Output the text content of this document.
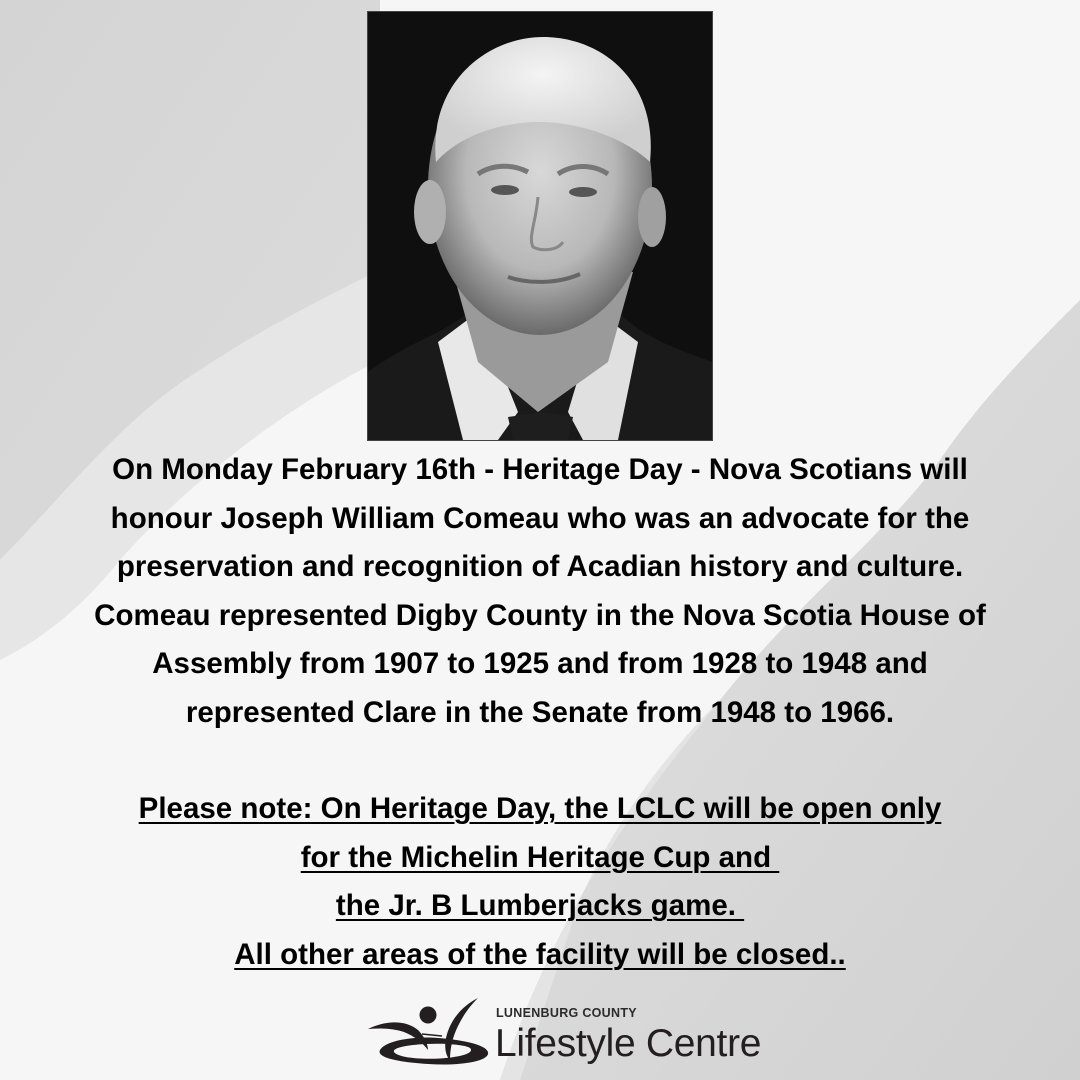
On Monday February 16th - Heritage Day - Nova Scotians will
honour Joseph William Comeau who was an advocate for the
preservation and recognition of Acadian history and culture.
Comeau represented Digby County in the Nova Scotia House of
Assembly from 1907 to 1925 and from 1928 to 1948 and
represented Clare in the Senate from 1948 to 1966.

Please note: On Heritage Day, the LCLC will be open only
for the Michelin Heritage Cup and
the Jr. B Lumberjacks game.
All other areas of the facility will be closed..
LUNENBURG COUNTY
Lifestyle Centre
